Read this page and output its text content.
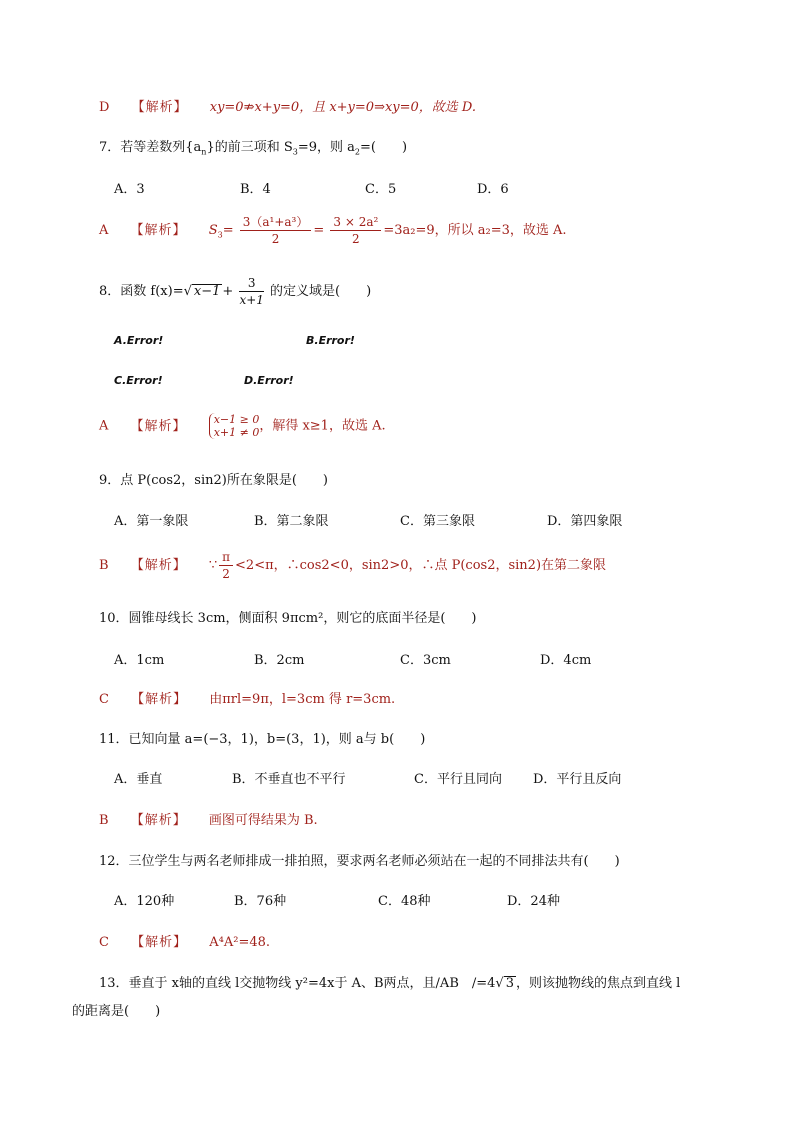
D 【解析】 xy=0⇏x+y=0，且 x+y=0⇒xy=0，故选 D.
7．若等差数列$\{a_n\}$的前三项和 $S_3=9$，则 $a_2=$(　　)
A．3	B．4	C．5	D．6
A 【解析】 $S_3= \frac{\text{3（a¹+a³）}}{2} = \frac{\text{3 × 2a²}}{2} =3a_2=9$，所以 a₂=3，故选 A.
8．函数 f(x)=√ $x-1 + \frac{3}{x+1}$ 的定义域是(　　)
A.Error!	B.Error!
C.Error!	D.Error!
A 【解析】 x−1 ≥ 0
x+1 ≠ 0，解得 x≥1，故选 A.
9．点 P(cos2，sin2)所在象限是(　　)
A．第一象限	B．第二象限	C．第三象限	D．第四象限
B 【解析】 ∵ $\frac{\pi}{2} <2<\pi$，∴cos2<0，sin2>0，∴点 P(cos2，sin2)在第二象限
10．圆锥母线长 3cm，侧面积 9πcm²，则它的底面半径是(　　)
A．1cm	B．2cm	C．3cm	D．4cm
C 【解析】 由πrl=9π，l=3cm 得 r=3cm.
11．已知向量 a=(−3，1)，b=(3，1)，则 a与 b(　　)
A．垂直	B．不垂直也不平行	C．平行且同向 D．平行且反向
B 【解析】 画图可得结果为 B.
12．三位学生与两名老师排成一排拍照，要求两名老师必须站在一起的不同排法共有(　　)
A．120种	B．76种	C．48种	D．24种
C 【解析】 A⁴A²=48.
13．垂直于 x轴的直线 l交抛物线 y²=4x于 A、B两点，且/AB　/=4√ 3 ，则该抛物线的焦点到直线 l
的距离是(　　)
